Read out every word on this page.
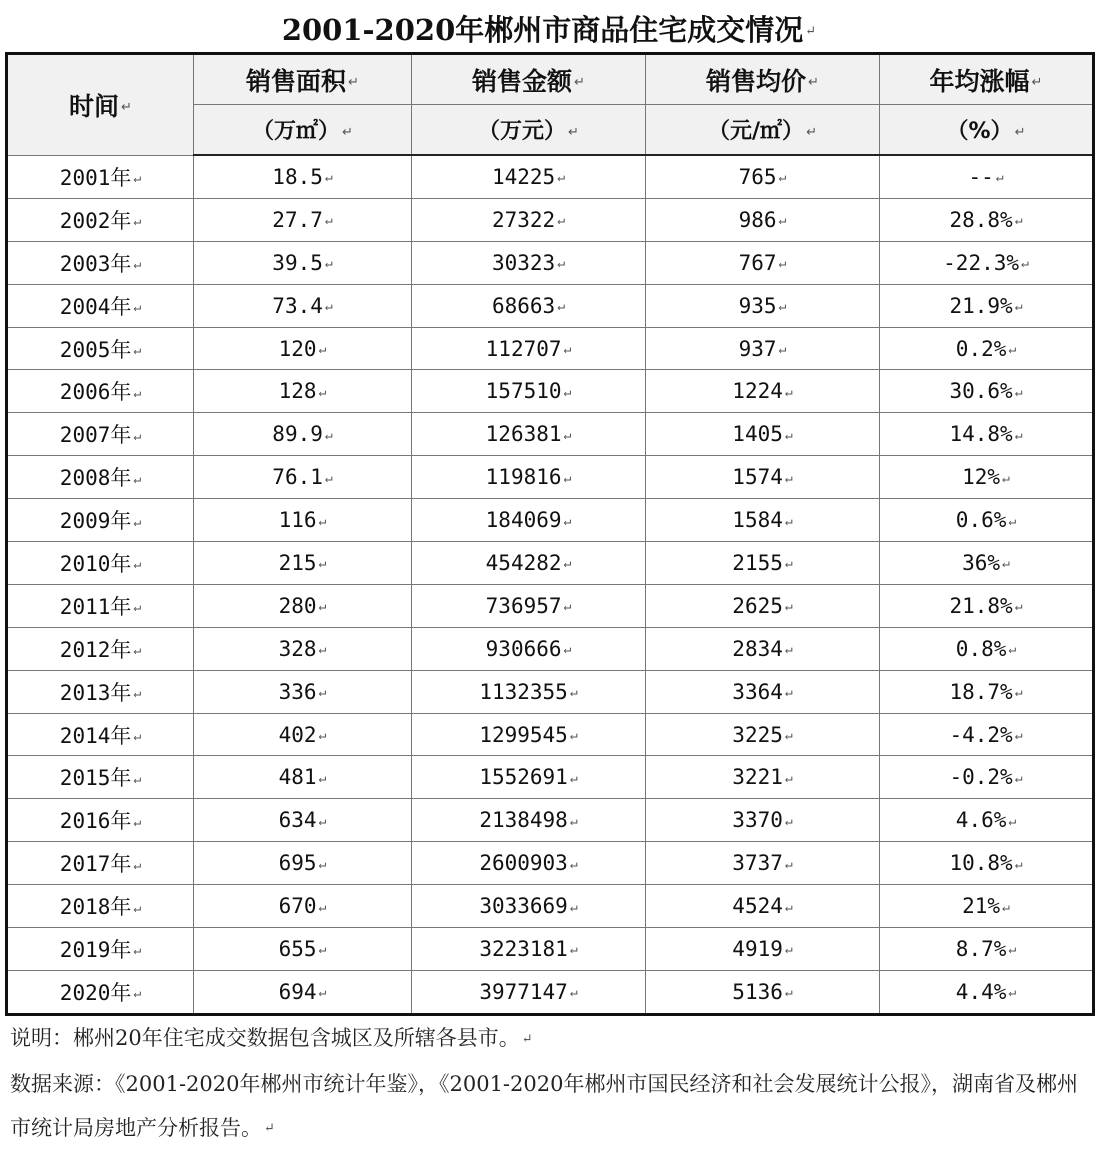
2001-2020年郴州市商品住宅成交情况 ↵
时间 ↵	销售面积 ↵	销售金额 ↵	销售均价 ↵	年均涨幅 ↵
	（万㎡） ↵	（万元） ↵	（元/㎡） ↵	（%） ↵
2001年 ↵	18.5 ↵	14225 ↵	765 ↵	-- ↵
2002年 ↵	27.7 ↵	27322 ↵	986 ↵	28.8% ↵
2003年 ↵	39.5 ↵	30323 ↵	767 ↵	-22.3% ↵
2004年 ↵	73.4 ↵	68663 ↵	935 ↵	21.9% ↵
2005年 ↵	120 ↵	112707 ↵	937 ↵	0.2% ↵
2006年 ↵	128 ↵	157510 ↵	1224 ↵	30.6% ↵
2007年 ↵	89.9 ↵	126381 ↵	1405 ↵	14.8% ↵
2008年 ↵	76.1 ↵	119816 ↵	1574 ↵	12% ↵
2009年 ↵	116 ↵	184069 ↵	1584 ↵	0.6% ↵
2010年 ↵	215 ↵	454282 ↵	2155 ↵	36% ↵
2011年 ↵	280 ↵	736957 ↵	2625 ↵	21.8% ↵
2012年 ↵	328 ↵	930666 ↵	2834 ↵	0.8% ↵
2013年 ↵	336 ↵	1132355 ↵	3364 ↵	18.7% ↵
2014年 ↵	402 ↵	1299545 ↵	3225 ↵	-4.2% ↵
2015年 ↵	481 ↵	1552691 ↵	3221 ↵	-0.2% ↵
2016年 ↵	634 ↵	2138498 ↵	3370 ↵	4.6% ↵
2017年 ↵	695 ↵	2600903 ↵	3737 ↵	10.8% ↵
2018年 ↵	670 ↵	3033669 ↵	4524 ↵	21% ↵
2019年 ↵	655 ↵	3223181 ↵	4919 ↵	8.7% ↵
2020年 ↵	694 ↵	3977147 ↵	5136 ↵	4.4% ↵

说明：郴州20年住宅成交数据包含城区及所辖各县市。 ↵

数据来源：《2001-2020年郴州市统计年鉴》，《2001-2020年郴州市国民经济和社会发展统计公报》，湖南省及郴州市统计局房地产分析报告。 ↵
